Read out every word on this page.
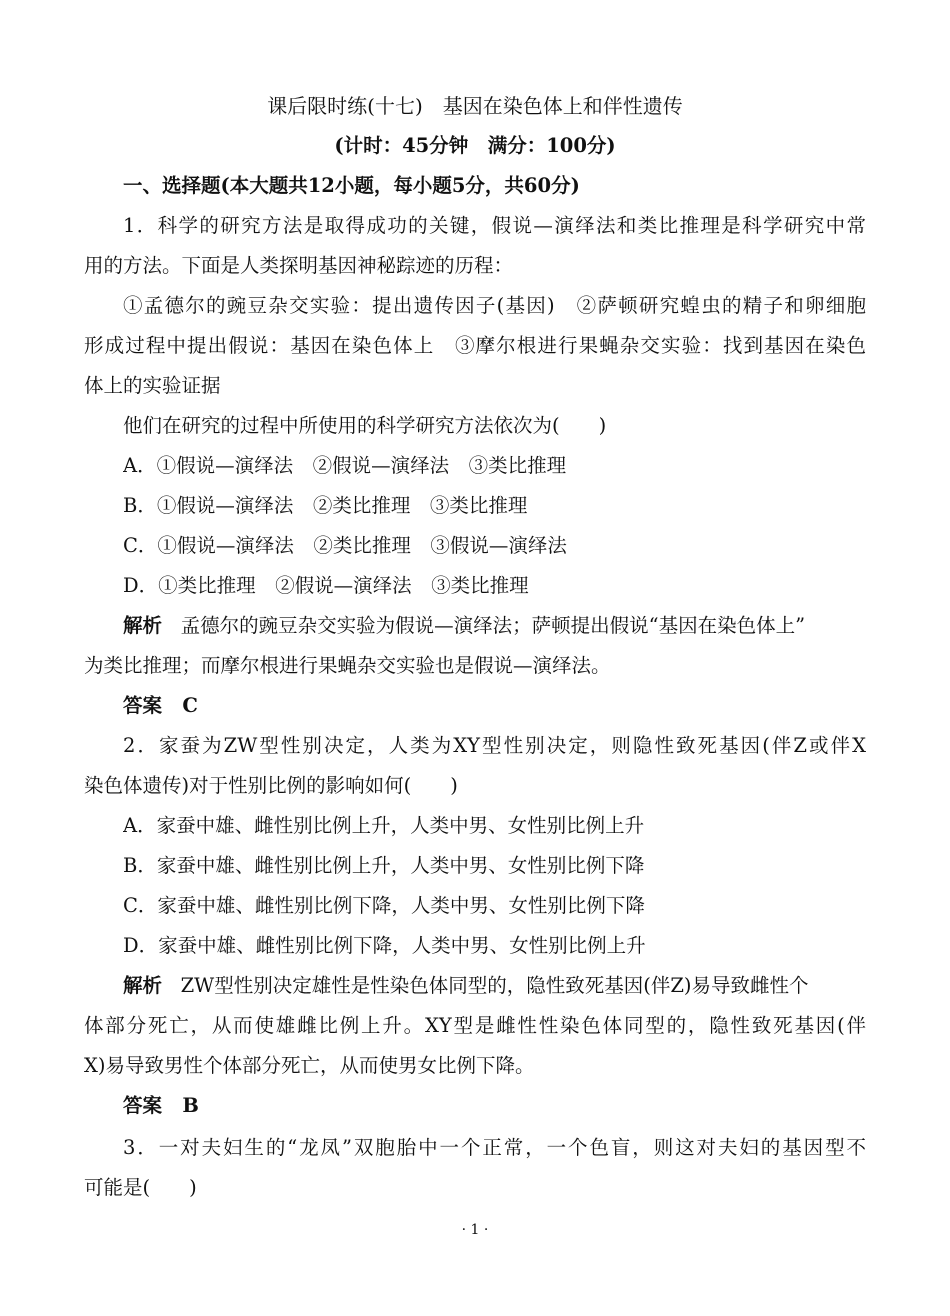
课后限时练(十七)　基因在染色体上和伴性遗传
(计时：45分钟　满分：100分)
一、选择题(本大题共12小题，每小题5分，共60分)
1．科学的研究方法是取得成功的关键，假说—演绎法和类比推理是科学研究中常
用的方法。下面是人类探明基因神秘踪迹的历程：
①孟德尔的豌豆杂交实验：提出遗传因子(基因)　②萨顿研究蝗虫的精子和卵细胞
形成过程中提出假说：基因在染色体上　③摩尔根进行果蝇杂交实验：找到基因在染色
体上的实验证据
他们在研究的过程中所使用的科学研究方法依次为(　　)
A．①假说—演绎法　②假说—演绎法　③类比推理
B．①假说—演绎法　②类比推理　③类比推理
C．①假说—演绎法　②类比推理　③假说—演绎法
D．①类比推理　②假说—演绎法　③类比推理
解析 孟德尔的豌豆杂交实验为假说—演绎法；萨顿提出假说“基因在染色体上”
为类比推理；而摩尔根进行果蝇杂交实验也是假说—演绎法。
答案 C
2．家蚕为ZW型性别决定，人类为XY型性别决定，则隐性致死基因(伴Z或伴X
染色体遗传)对于性别比例的影响如何(　　)
A．家蚕中雄、雌性别比例上升，人类中男、女性别比例上升
B．家蚕中雄、雌性别比例上升，人类中男、女性别比例下降
C．家蚕中雄、雌性别比例下降，人类中男、女性别比例下降
D．家蚕中雄、雌性别比例下降，人类中男、女性别比例上升
解析 ZW型性别决定雄性是性染色体同型的，隐性致死基因(伴Z)易导致雌性个
体部分死亡，从而使雄雌比例上升。XY型是雌性性染色体同型的，隐性致死基因(伴
X)易导致男性个体部分死亡，从而使男女比例下降。
答案 B
3．一对夫妇生的“龙凤”双胞胎中一个正常，一个色盲，则这对夫妇的基因型不
可能是(　　)
· 1 ·
